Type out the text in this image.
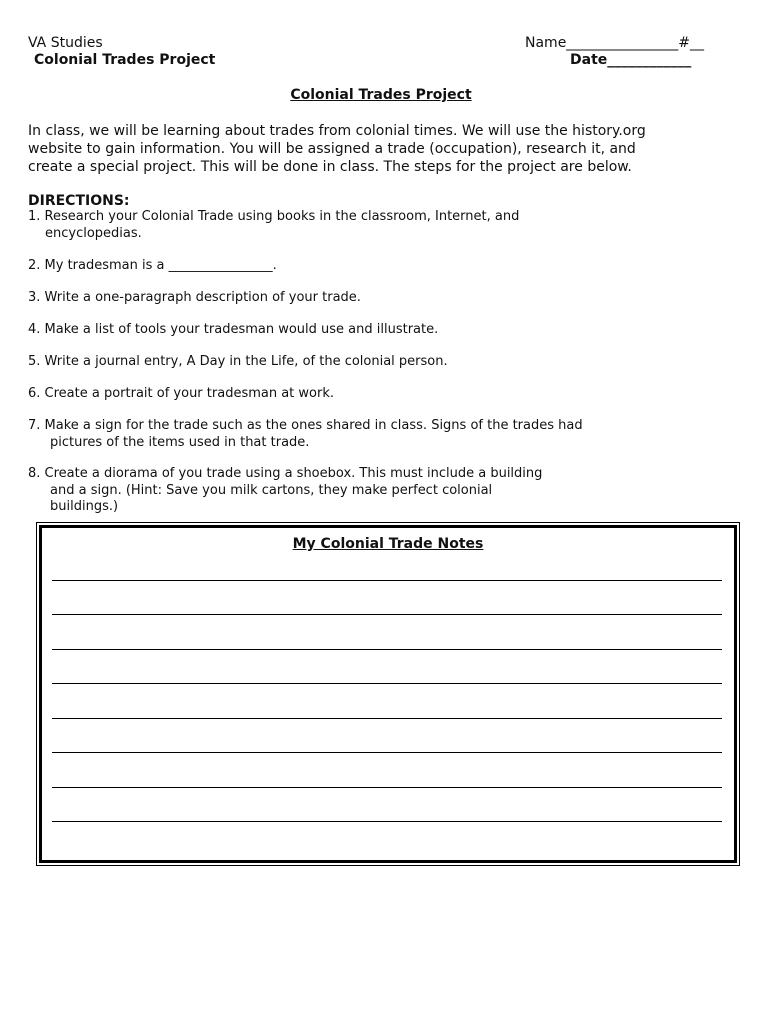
VA Studies
Colonial Trades Project
Name________________#__
Date____________
Colonial Trades Project
In class, we will be learning about trades from colonial times. We will use the history.org
website to gain information. You will be assigned a trade (occupation), research it, and
create a special project. This will be done in class. The steps for the project are below.
DIRECTIONS:
1. Research your Colonial Trade using books in the classroom, Internet, and
encyclopedias.
2. My tradesman is a ________________.
3. Write a one-paragraph description of your trade.
4. Make a list of tools your tradesman would use and illustrate.
5. Write a journal entry, A Day in the Life, of the colonial person.
6. Create a portrait of your tradesman at work.
7. Make a sign for the trade such as the ones shared in class. Signs of the trades had
pictures of the items used in that trade.
8. Create a diorama of you trade using a shoebox. This must include a building
and a sign. (Hint: Save you milk cartons, they make perfect colonial
buildings.)
My Colonial Trade Notes
